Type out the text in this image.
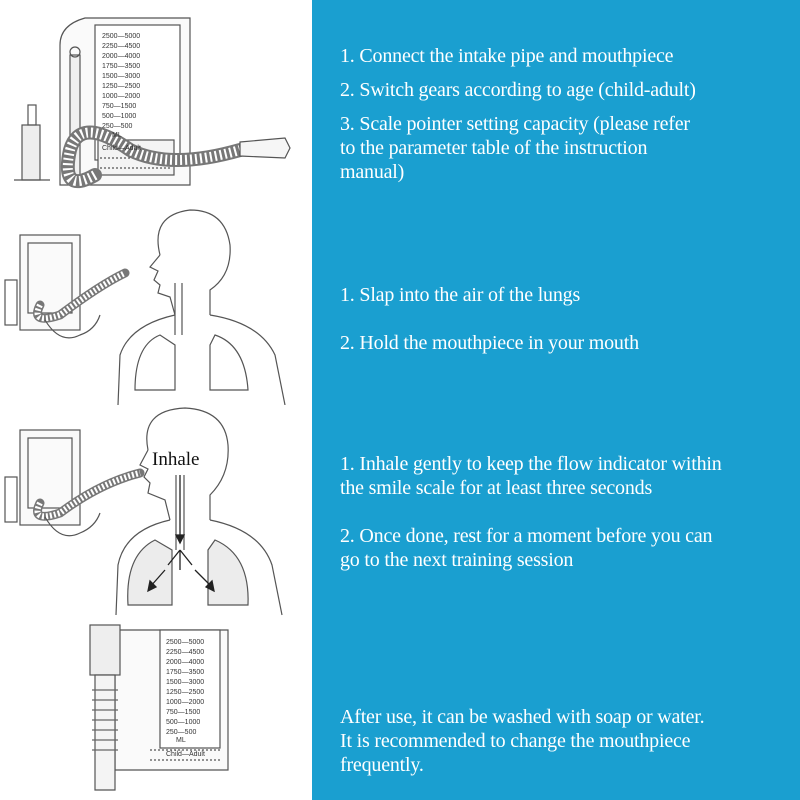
2500—5000
2250—4500
2000—4000
1750—3500
1500—3000
1250—2500
1000—2000
750—1500
500—1000
250—500
ML
Child—Adult
Inhale
2500—5000
2250—4500
2000—4000
1750—3500
1500—3000
1250—2500
1000—2000
750—1500
500—1000
250—500
ML
Child—Adult
1. Connect the intake pipe and mouthpiece
2. Switch gears according to age (child-adult)
3. Scale pointer setting capacity (please refer
to the parameter table of the instruction
manual)
1. Slap into the air of the lungs
2. Hold the mouthpiece in your mouth
1. Inhale gently to keep the flow indicator within
the smile scale for at least three seconds
2. Once done, rest for a moment before you can
go to the next training session
After use, it can be washed with soap or water.
It is recommended to change the mouthpiece
frequently.
